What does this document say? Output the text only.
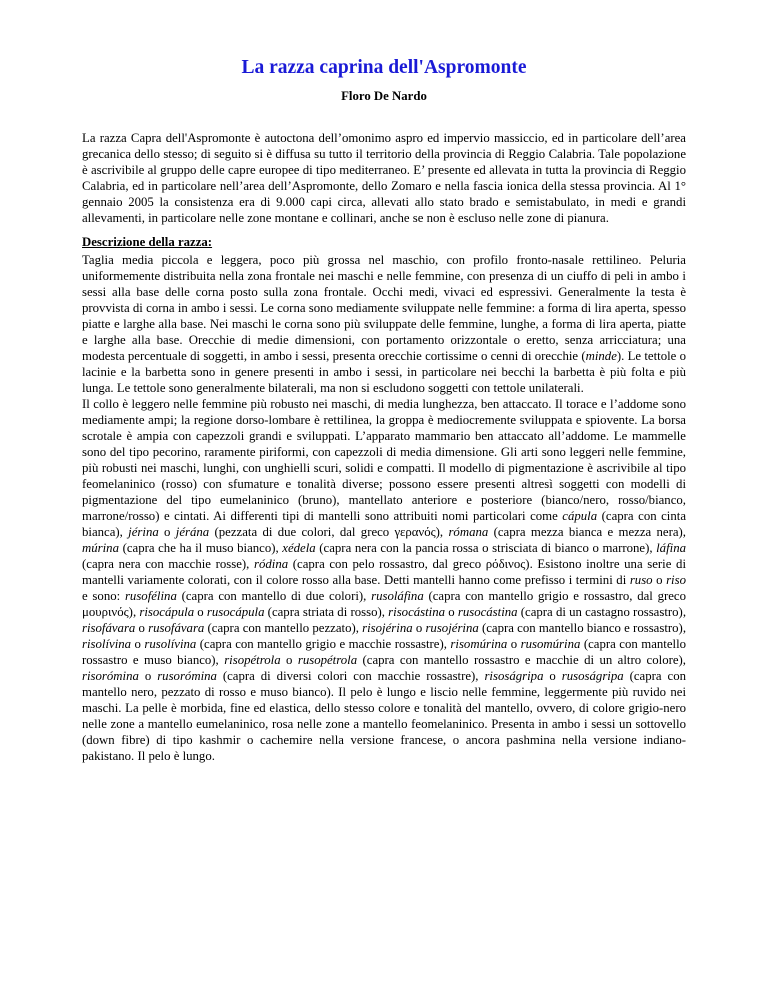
La razza caprina dell'Aspromonte

Floro De Nardo

La razza Capra dell'Aspromonte è autoctona dell’omonimo aspro ed impervio massiccio, ed in particolare dell’area grecanica dello stesso; di seguito si è diffusa su tutto il territorio della provincia di Reggio Calabria. Tale popolazione è ascrivibile al gruppo delle capre europee di tipo mediterraneo. E’ presente ed allevata in tutta la provincia di Reggio Calabria, ed in particolare nell’area dell’Aspromonte, dello Zomaro e nella fascia ionica della stessa provincia. Al 1° gennaio 2005 la consistenza era di 9.000 capi circa, allevati allo stato brado e semistabulato, in medi e grandi allevamenti, in particolare nelle zone montane e collinari, anche se non è escluso nelle zone di pianura.

Descrizione della razza:

Taglia media piccola e leggera, poco più grossa nel maschio, con profilo fronto-nasale rettilineo. Peluria uniformemente distribuita nella zona frontale nei maschi e nelle femmine, con presenza di un ciuffo di peli in ambo i sessi alla base delle corna posto sulla zona frontale. Occhi medi, vivaci ed espressivi. Generalmente la testa è provvista di corna in ambo i sessi. Le corna sono mediamente sviluppate nelle femmine: a forma di lira aperta, spesso piatte e larghe alla base. Nei maschi le corna sono più sviluppate delle femmine, lunghe, a forma di lira aperta, piatte e larghe alla base. Orecchie di medie dimensioni, con portamento orizzontale o eretto, senza arricciatura; una modesta percentuale di soggetti, in ambo i sessi, presenta orecchie cortissime o cenni di orecchie (minde). Le tettole o lacinie e la barbetta sono in genere presenti in ambo i sessi, in particolare nei becchi la barbetta è più folta e più lunga. Le tettole sono generalmente bilaterali, ma non si escludono soggetti con tettole unilaterali.

Il collo è leggero nelle femmine più robusto nei maschi, di media lunghezza, ben attaccato. Il torace e l’addome sono mediamente ampi; la regione dorso-lombare è rettilinea, la groppa è mediocremente sviluppata e spiovente. La borsa scrotale è ampia con capezzoli grandi e sviluppati. L’apparato mammario ben attaccato all’addome. Le mammelle sono del tipo pecorino, raramente piriformi, con capezzoli di media dimensione. Gli arti sono leggeri nelle femmine, più robusti nei maschi, lunghi, con unghielli scuri, solidi e compatti. Il modello di pigmentazione è ascrivibile al tipo feomelaninico (rosso) con sfumature e tonalità diverse; possono essere presenti altresì soggetti con modelli di pigmentazione del tipo eumelaninico (bruno), mantellato anteriore e posteriore (bianco/nero, rosso/bianco, marrone/rosso) e cintati. Ai differenti tipi di mantelli sono attribuiti nomi particolari come cápula (capra con cinta bianca), jérina o jérána (pezzata di due colori, dal greco γερανός), rómana (capra mezza bianca e mezza nera), múrina (capra che ha il muso bianco), xédela (capra nera con la pancia rossa o strisciata di bianco o marrone), láfina (capra nera con macchie rosse), ródina (capra con pelo rossastro, dal greco ρόδινος). Esistono inoltre una serie di mantelli variamente colorati, con il colore rosso alla base. Detti mantelli hanno come prefisso i termini di ruso o riso e sono: rusofélina (capra con mantello di due colori), rusoláfina (capra con mantello grigio e rossastro, dal greco μουρινός), risocápula o rusocápula (capra striata di rosso), risocástina o rusocástina (capra di un castagno rossastro), risofávara o rusofávara (capra con mantello pezzato), risojérina o rusojérina (capra con mantello bianco e rossastro), risolívina o rusolívina (capra con mantello grigio e macchie rossastre), risomúrina o rusomúrina (capra con mantello rossastro e muso bianco), risopétrola o rusopétrola (capra con mantello rossastro e macchie di un altro colore), risorómina o rusorómina (capra di diversi colori con macchie rossastre), risoságripa o rusoságripa (capra con mantello nero, pezzato di rosso e muso bianco). Il pelo è lungo e liscio nelle femmine, leggermente più ruvido nei maschi. La pelle è morbida, fine ed elastica, dello stesso colore e tonalità del mantello, ovvero, di colore grigio-nero nelle zone a mantello eumelaninico, rosa nelle zone a mantello feomelaninico. Presenta in ambo i sessi un sottovello (down fibre) di tipo kashmir o cachemire nella versione francese, o ancora pashmina nella versione indiano-pakistano. Il pelo è lungo.
